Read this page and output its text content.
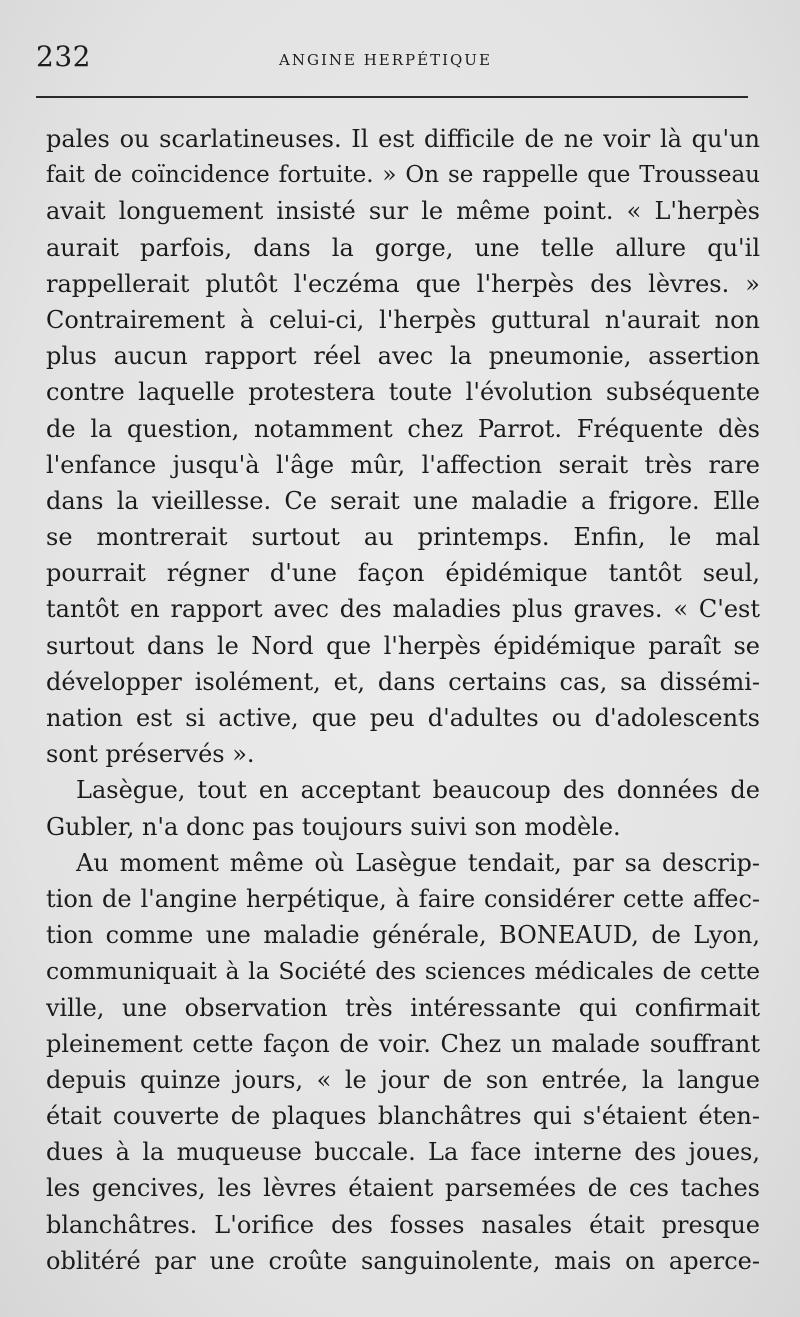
232	ANGINE HERPÉTIQUE
pales ou scarlatineuses. Il est difficile de ne voir là qu'un
fait de coïncidence fortuite. » On se rappelle que Trousseau
avait longuement insisté sur le même point. « L'herpès
aurait parfois, dans la gorge, une telle allure qu'il
rappellerait plutôt l'eczéma que l'herpès des lèvres. »
Contrairement à celui-ci, l'herpès guttural n'aurait non
plus aucun rapport réel avec la pneumonie, assertion
contre laquelle protestera toute l'évolution subséquente
de la question, notamment chez Parrot. Fréquente dès
l'enfance jusqu'à l'âge mûr, l'affection serait très rare
dans la vieillesse. Ce serait une maladie a frigore. Elle
se montrerait surtout au printemps. Enfin, le mal
pourrait régner d'une façon épidémique tantôt seul,
tantôt en rapport avec des maladies plus graves. « C'est
surtout dans le Nord que l'herpès épidémique paraît se
développer isolément, et, dans certains cas, sa dissémi-
nation est si active, que peu d'adultes ou d'adolescents
sont préservés ».
Lasègue, tout en acceptant beaucoup des données de
Gubler, n'a donc pas toujours suivi son modèle.
Au moment même où Lasègue tendait, par sa descrip-
tion de l'angine herpétique, à faire considérer cette affec-
tion comme une maladie générale, BONEAUD, de Lyon,
communiquait à la Société des sciences médicales de cette
ville, une observation très intéressante qui confirmait
pleinement cette façon de voir. Chez un malade souffrant
depuis quinze jours, « le jour de son entrée, la langue
était couverte de plaques blanchâtres qui s'étaient éten-
dues à la muqueuse buccale. La face interne des joues,
les gencives, les lèvres étaient parsemées de ces taches
blanchâtres. L'orifice des fosses nasales était presque
oblitéré par une croûte sanguinolente, mais on aperce-
